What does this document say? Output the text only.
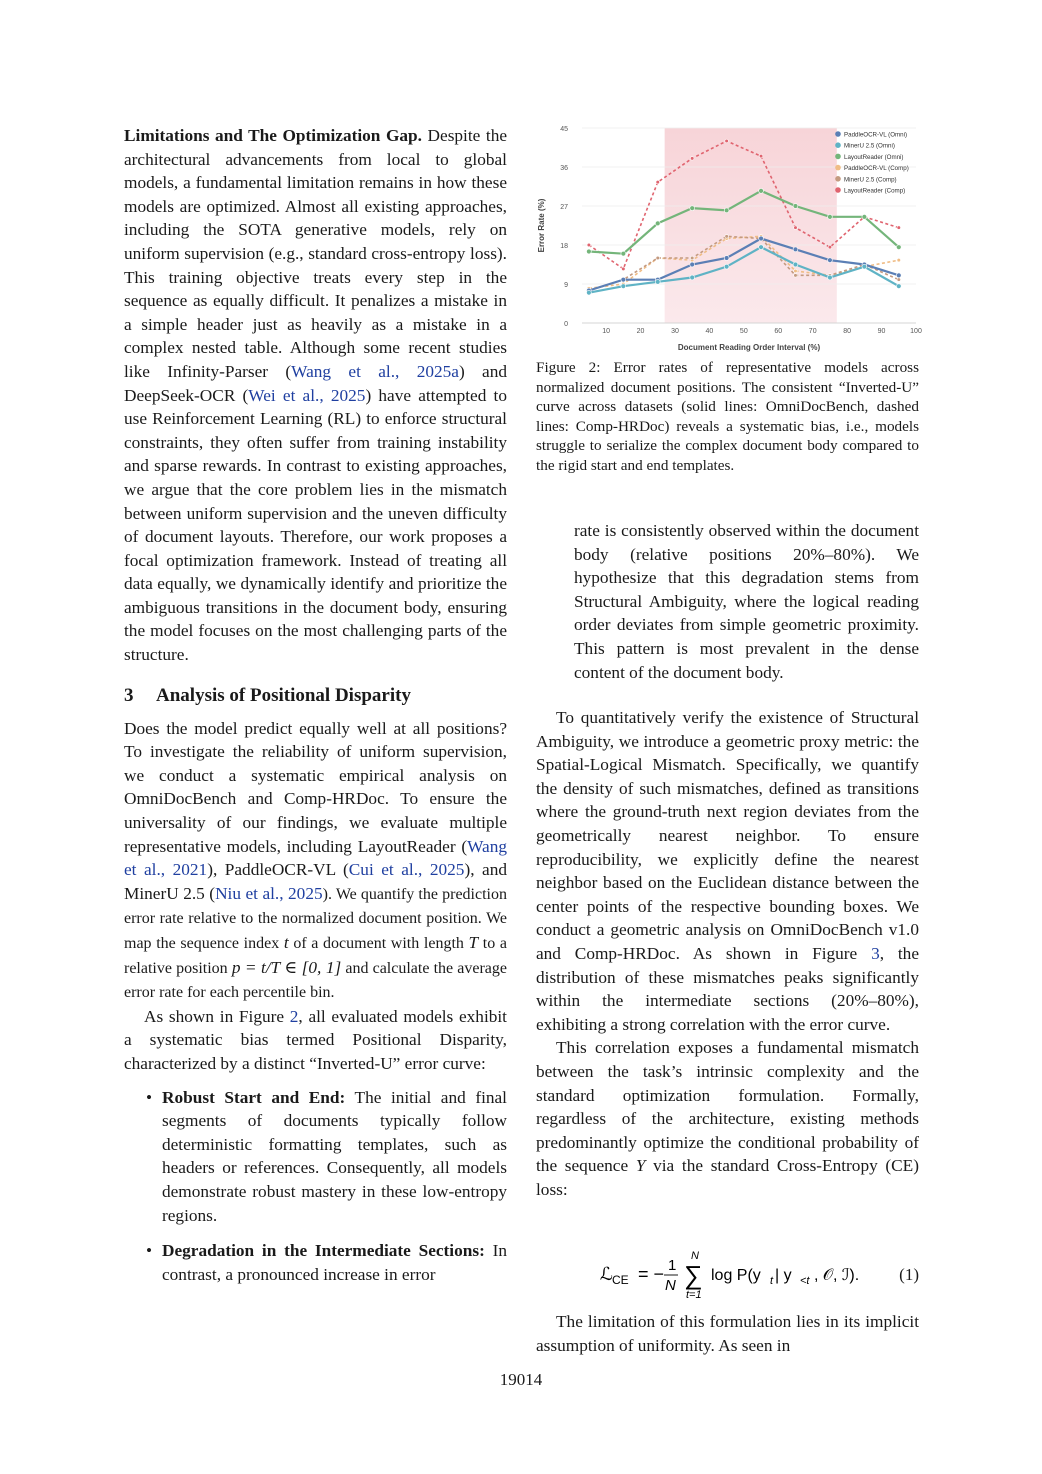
Limitations and The Optimization Gap. Despite the architectural advancements from local to global models, a fundamental limitation remains in how these models are optimized. Almost all existing approaches, including the SOTA generative models, rely on uniform supervision (e.g., standard cross-entropy loss). This training objective treats every step in the sequence as equally difficult. It penalizes a mistake in a simple header just as heavily as a mistake in a complex nested table. Although some recent studies like Infinity-Parser (Wang et al., 2025a) and DeepSeek-OCR (Wei et al., 2025) have attempted to use Reinforcement Learning (RL) to enforce structural constraints, they often suffer from training instability and sparse rewards. In contrast to existing approaches, we argue that the core problem lies in the mismatch between uniform supervision and the uneven difficulty of document layouts. Therefore, our work proposes a focal optimization framework. Instead of treating all data equally, we dynamically identify and prioritize the ambiguous transitions in the document body, ensuring the model focuses on the most challenging parts of the structure.

3 Analysis of Positional Disparity

Does the model predict equally well at all positions? To investigate the reliability of uniform supervision, we conduct a systematic empirical analysis on OmniDocBench and Comp-HRDoc. To ensure the universality of our findings, we evaluate multiple representative models, including LayoutReader (Wang et al., 2021), PaddleOCR-VL (Cui et al., 2025), and MinerU 2.5 (Niu et al., 2025). We quantify the prediction error rate relative to the normalized document position. We map the sequence index t of a document with length T to a relative position p = t/T ∈ [0, 1] and calculate the average error rate for each percentile bin.

As shown in Figure 2, all evaluated models exhibit a systematic bias termed Positional Disparity, characterized by a distinct “Inverted-U” error curve:

• Robust Start and End: The initial and final segments of documents typically follow deterministic formatting templates, such as headers or references. Consequently, all models demonstrate robust mastery in these low-entropy regions.
• Degradation in the Intermediate Sections: In contrast, a pronounced increase in error
0
9
18
27
36
45
10	20	30	40	50	60	70	80	90	100
Document Reading Order Interval (%)
Error Rate (%)
PaddleOCR-VL (Omni)
MinerU 2.5 (Omni)
LayoutReader (Omni)
PaddleOCR-VL (Comp)
MinerU 2.5 (Comp)
LayoutReader (Comp)

Figure 2: Error rates of representative models across normalized document positions. The consistent “Inverted-U” curve across datasets (solid lines: OmniDocBench, dashed lines: Comp-HRDoc) reveals a systematic bias, i.e., models struggle to serialize the complex document body compared to the rigid start and end templates.

rate is consistently observed within the document body (relative positions 20%–80%). We hypothesize that this degradation stems from Structural Ambiguity, where the logical reading order deviates from simple geometric proximity. This pattern is most prevalent in the dense content of the document body.

To quantitatively verify the existence of Structural Ambiguity, we introduce a geometric proxy metric: the Spatial-Logical Mismatch. Specifically, we quantify the density of such mismatches, defined as transitions where the ground-truth next region deviates from the geometrically nearest neighbor. To ensure reproducibility, we explicitly define the nearest neighbor based on the Euclidean distance between the center points of the respective bounding boxes. We conduct a geometric analysis on OmniDocBench v1.0 and Comp-HRDoc. As shown in Figure 3, the distribution of these mismatches peaks significantly within the intermediate sections (20%–80%), exhibiting a strong correlation with the error curve.

This correlation exposes a fundamental mismatch between the task’s intrinsic complexity and the standard optimization formulation. Formally, regardless of the architecture, existing methods predominantly optimize the conditional probability of the sequence Y via the standard Cross-Entropy (CE) loss:

ℒ CE = − 1
N
N
∑
t=1
log P(y t | y <t , 𝒪, ℐ). (1)

The limitation of this formulation lies in its implicit assumption of uniformity. As seen in

19014
